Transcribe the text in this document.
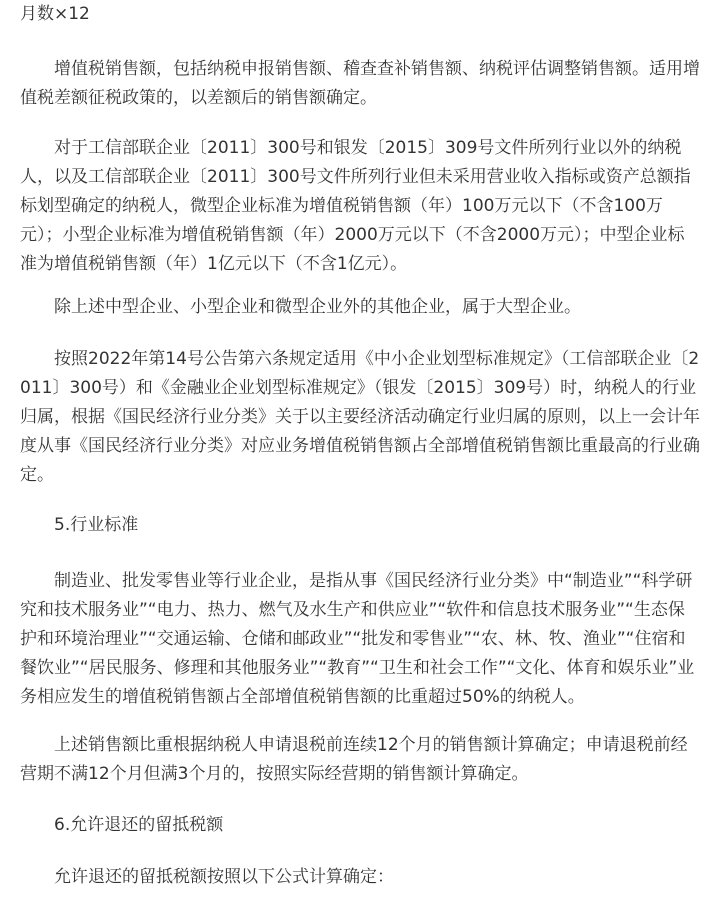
月数×12

增值税销售额，包括纳税申报销售额、稽查查补销售额、纳税评估调整销售额。适用增值税差额征税政策的，以差额后的销售额确定。

对于工信部联企业〔2011〕300号和银发〔2015〕309号文件所列行业以外的纳税人，以及工信部联企业〔2011〕300号文件所列行业但未采用营业收入指标或资产总额指标划型确定的纳税人，微型企业标准为增值税销售额（年）100万元以下（不含100万元）；小型企业标准为增值税销售额（年）2000万元以下（不含2000万元）；中型企业标准为增值税销售额（年）1亿元以下（不含1亿元）。

除上述中型企业、小型企业和微型企业外的其他企业，属于大型企业。

按照2022年第14号公告第六条规定适用《中小企业划型标准规定》（工信部联企业〔2011〕300号）和《金融业企业划型标准规定》（银发〔2015〕309号）时，纳税人的行业归属，根据《国民经济行业分类》关于以主要经济活动确定行业归属的原则，以上一会计年度从事《国民经济行业分类》对应业务增值税销售额占全部增值税销售额比重最高的行业确定。

5.行业标准

制造业、批发零售业等行业企业，是指从事《国民经济行业分类》中“制造业”“科学研究和技术服务业”“电力、热力、燃气及水生产和供应业”“软件和信息技术服务业”“生态保护和环境治理业”“交通运输、仓储和邮政业”“批发和零售业”“农、林、牧、渔业”“住宿和餐饮业”“居民服务、修理和其他服务业”“教育”“卫生和社会工作”“文化、体育和娱乐业”业务相应发生的增值税销售额占全部增值税销售额的比重超过50%的纳税人。

上述销售额比重根据纳税人申请退税前连续12个月的销售额计算确定；申请退税前经营期不满12个月但满3个月的，按照实际经营期的销售额计算确定。

6.允许退还的留抵税额

允许退还的留抵税额按照以下公式计算确定：
